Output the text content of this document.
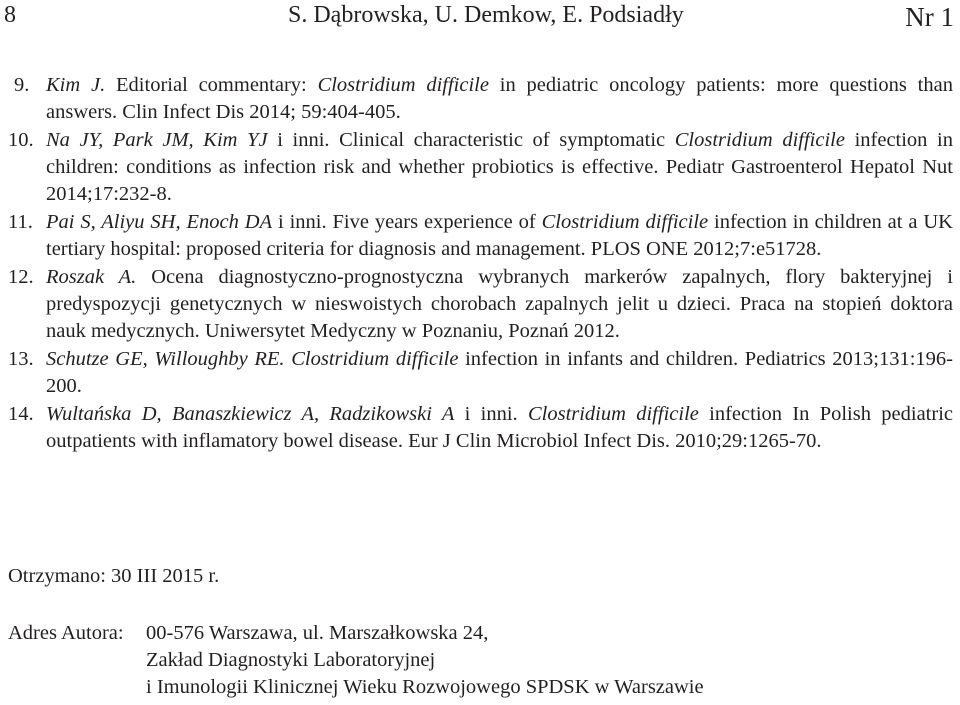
8	S. Dąbrowska, U. Demkow, E. Podsiadły	Nr 1
9. Kim J. Editorial commentary: Clostridium difficile in pediatric oncology patients: more questions than answers. Clin Infect Dis 2014; 59:404-405.
10. Na JY, Park JM, Kim YJ i inni. Clinical characteristic of symptomatic Clostridium difficile infection in children: conditions as infection risk and whether probiotics is effective. Pediatr Gastroenterol Hepatol Nut 2014;17:232-8.
11. Pai S, Aliyu SH, Enoch DA i inni. Five years experience of Clostridium difficile infection in children at a UK tertiary hospital: proposed criteria for diagnosis and management. PLOS ONE 2012;7:e51728.
12. Roszak A. Ocena diagnostyczno-prognostyczna wybranych markerów zapalnych, flory bakteryjnej i predyspozycji genetycznych w nieswoistych chorobach zapalnych jelit u dzieci. Praca na stopień doktora nauk medycznych. Uniwersytet Medyczny w Poznaniu, Poznań 2012.
13. Schutze GE, Willoughby RE. Clostridium difficile infection in infants and children. Pediatrics 2013;131:196-200.
14. Wultańska D, Banaszkiewicz A, Radzikowski A i inni. Clostridium difficile infection In Polish pediatric outpatients with inflamatory bowel disease. Eur J Clin Microbiol Infect Dis. 2010;29:1265-70.
Otrzymano: 30 III 2015 r.
Adres Autora: 00-576 Warszawa, ul. Marszałkowska 24,
Zakład Diagnostyki Laboratoryjnej
i Imunologii Klinicznej Wieku Rozwojowego SPDSK w Warszawie
